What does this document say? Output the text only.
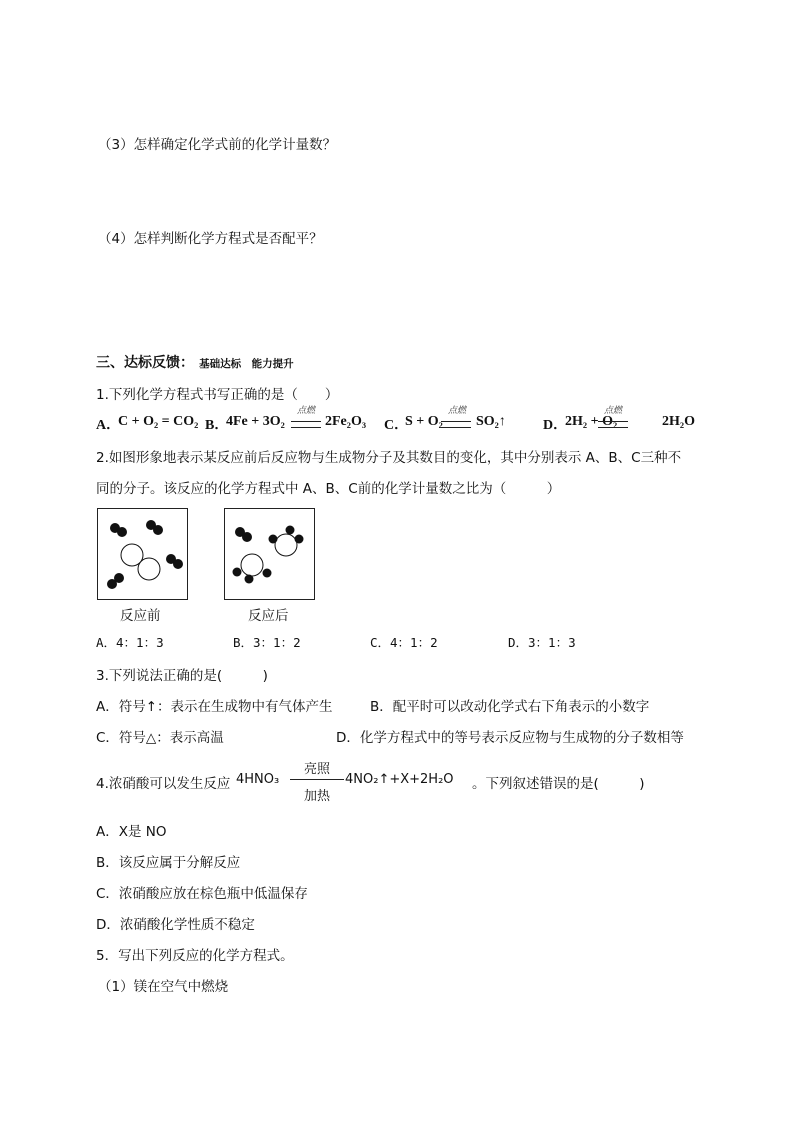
（3）怎样确定化学式前的化学计量数？
（4）怎样判断化学方程式是否配平？
三、达标反馈： 基础达标　能力提升
1.下列化学方程式书写正确的是（　　）
A．
C + O₂ = CO₂ B．
4Fe + 3O₂
点燃
2Fe₂O₃ C．
S + O₂
点燃
SO₂↑	D．
2H₂ + O₂
点燃
2H₂O
2.如图形象地表示某反应前后反应物与生成物分子及其数目的变化，其中分别表示 A、B、C三种不
同的分子。该反应的化学方程式中 A、B、C前的化学计量数之比为（　　　）
反应前	反应后
A．4：1：3	B．3：1：2	C．4：1：2	D．3：1：3
3.下列说法正确的是(　　　)
A．符号↑：表示在生成物中有气体产生	B．配平时可以改动化学式右下角表示的小数字
C．符号△：表示高温	D．化学方程式中的等号表示反应物与生成物的分子数相等
4.浓硝酸可以发生反应 4HNO₃
亮照
加热
4NO₂↑+X+2H₂O 。下列叙述错误的是(　　　)
A．X是 NO
B．该反应属于分解反应
C．浓硝酸应放在棕色瓶中低温保存
D．浓硝酸化学性质不稳定
5．写出下列反应的化学方程式。
（1）镁在空气中燃烧
